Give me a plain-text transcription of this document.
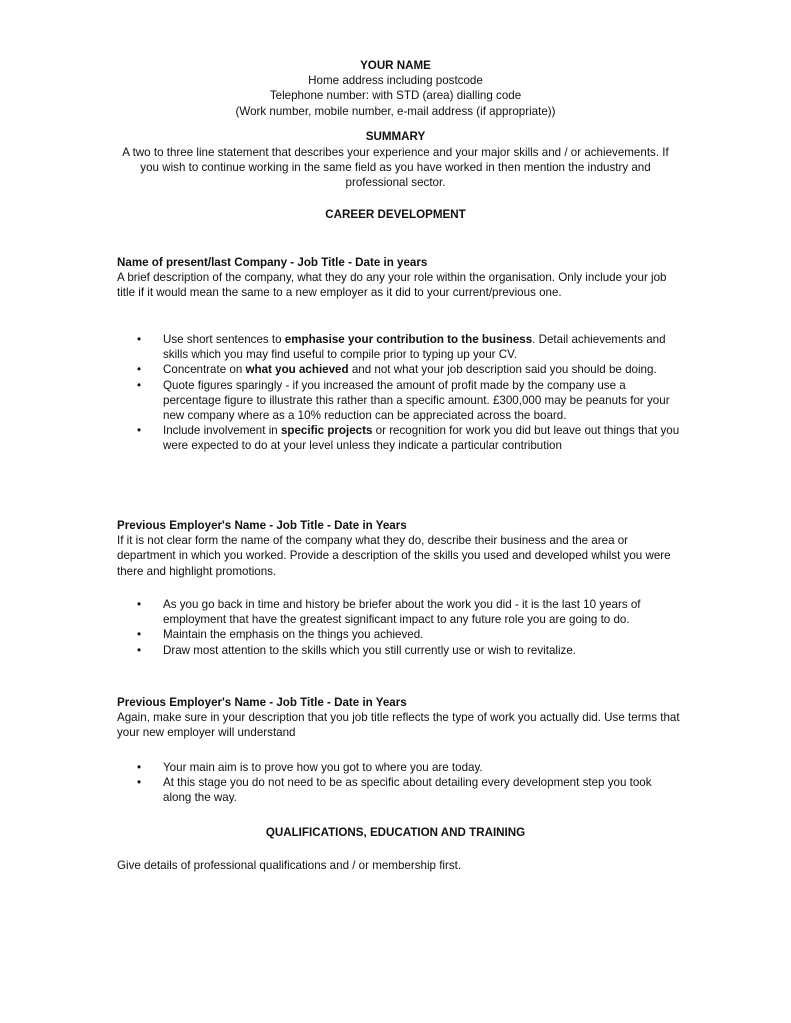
YOUR NAME
Home address including postcode
Telephone number: with STD (area) dialling code
(Work number, mobile number, e-mail address (if appropriate))
SUMMARY
A two to three line statement that describes your experience and your major skills and / or achievements. If you wish to continue working in the same field as you have worked in then mention the industry and professional sector.
CAREER DEVELOPMENT
Name of present/last Company - Job Title - Date in years
A brief description of the company, what they do any your role within the organisation. Only include your job title if it would mean the same to a new employer as it did to your current/previous one.
• Use short sentences to emphasise your contribution to the business. Detail achievements and skills which you may find useful to compile prior to typing up your CV.
• Concentrate on what you achieved and not what your job description said you should be doing.
• Quote figures sparingly - if you increased the amount of profit made by the company use a percentage figure to illustrate this rather than a specific amount. £300,000 may be peanuts for your new company where as a 10% reduction can be appreciated across the board.
• Include involvement in specific projects or recognition for work you did but leave out things that you were expected to do at your level unless they indicate a particular contribution
Previous Employer's Name - Job Title - Date in Years
If it is not clear form the name of the company what they do, describe their business and the area or department in which you worked. Provide a description of the skills you used and developed whilst you were there and highlight promotions.
• As you go back in time and history be briefer about the work you did - it is the last 10 years of employment that have the greatest significant impact to any future role you are going to do.
• Maintain the emphasis on the things you achieved.
• Draw most attention to the skills which you still currently use or wish to revitalize.
Previous Employer's Name - Job Title - Date in Years
Again, make sure in your description that you job title reflects the type of work you actually did. Use terms that your new employer will understand
• Your main aim is to prove how you got to where you are today.
• At this stage you do not need to be as specific about detailing every development step you took along the way.
QUALIFICATIONS, EDUCATION AND TRAINING
Give details of professional qualifications and / or membership first.
